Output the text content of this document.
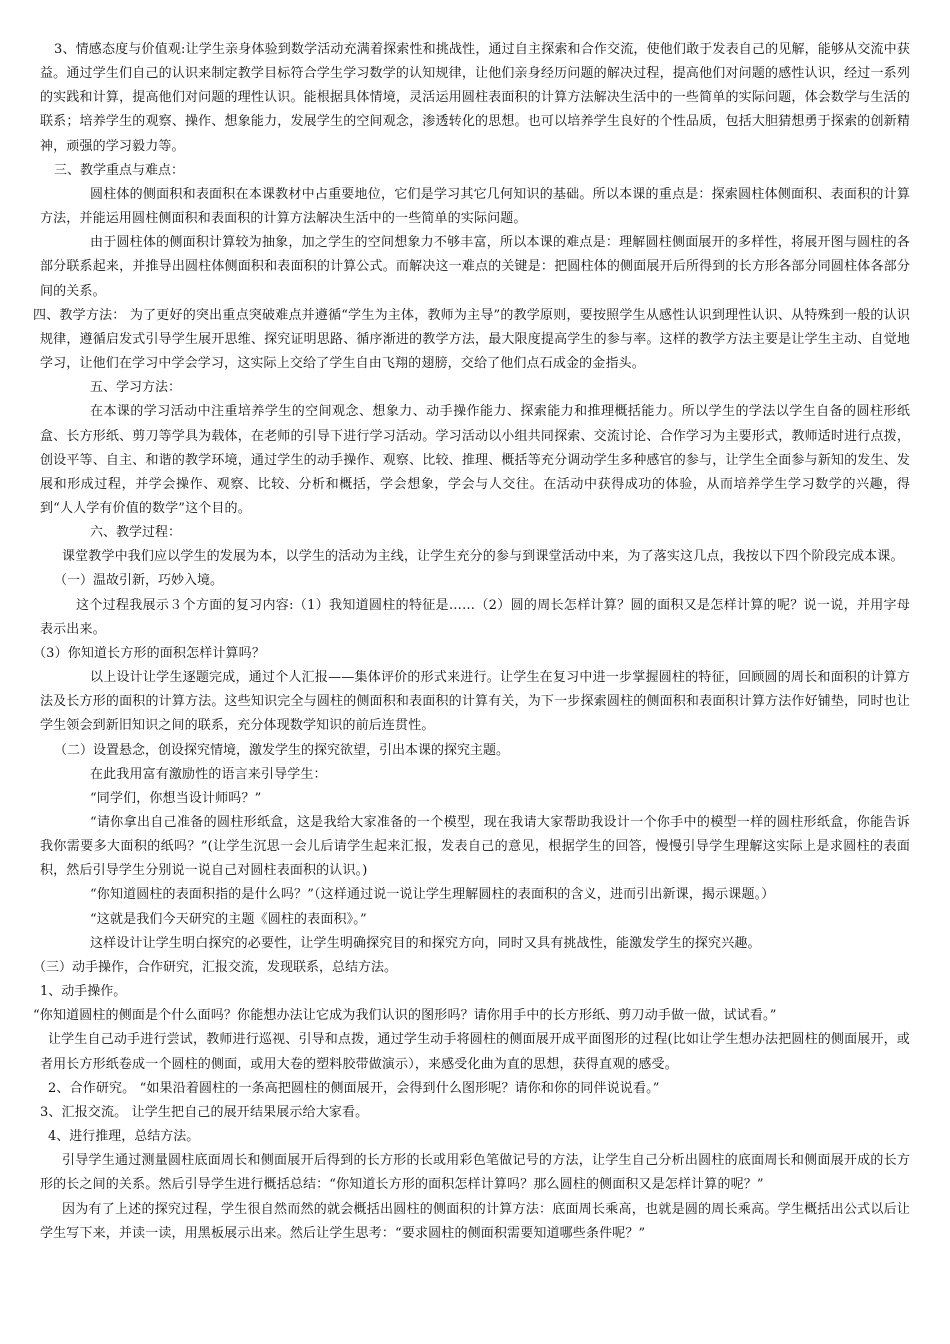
3、情感态度与价值观:让学生亲身体验到数学活动充满着探索性和挑战性，通过自主探索和合作交流，使他们敢于发表自己的见解，能够从交流中获益。通过学生们自己的认识来制定教学目标符合学生学习数学的认知规律，让他们亲身经历问题的解决过程，提高他们对问题的感性认识，经过一系列的实践和计算，提高他们对问题的理性认识。能根据具体情境，灵活运用圆柱表面积的计算方法解决生活中的一些简单的实际问题，体会数学与生活的联系；培养学生的观察、操作、想象能力，发展学生的空间观念，渗透转化的思想。也可以培养学生良好的个性品质，包括大胆猜想勇于探索的创新精神，顽强的学习毅力等。

三、教学重点与难点：

圆柱体的侧面积和表面积在本课教材中占重要地位，它们是学习其它几何知识的基础。所以本课的重点是：探索圆柱体侧面积、表面积的计算方法，并能运用圆柱侧面积和表面积的计算方法解决生活中的一些简单的实际问题。

由于圆柱体的侧面积计算较为抽象，加之学生的空间想象力不够丰富，所以本课的难点是：理解圆柱侧面展开的多样性，将展开图与圆柱的各部分联系起来，并推导出圆柱体侧面积和表面积的计算公式。而解决这一难点的关键是：把圆柱体的侧面展开后所得到的长方形各部分同圆柱体各部分间的关系。

四、教学方法： 为了更好的突出重点突破难点并遵循“学生为主体，教师为主导”的教学原则，要按照学生从感性认识到理性认识、从特殊到一般的认识规律，遵循启发式引导学生展开思维、探究证明思路、循序渐进的教学方法，最大限度提高学生的参与率。这样的教学方法主要是让学生主动、自觉地学习，让他们在学习中学会学习，这实际上交给了学生自由飞翔的翅膀，交给了他们点石成金的金指头。

五、学习方法：

在本课的学习活动中注重培养学生的空间观念、想象力、动手操作能力、探索能力和推理概括能力。所以学生的学法以学生自备的圆柱形纸盒、长方形纸、剪刀等学具为载体，在老师的引导下进行学习活动。学习活动以小组共同探索、交流讨论、合作学习为主要形式，教师适时进行点拨，创设平等、自主、和谐的教学环境，通过学生的动手操作、观察、比较、推理、概括等充分调动学生多种感官的参与，让学生全面参与新知的发生、发展和形成过程，并学会操作、观察、比较、分析和概括，学会想象，学会与人交往。在活动中获得成功的体验，从而培养学生学习数学的兴趣，得到“人人学有价值的数学”这个目的。

六、教学过程：

课堂教学中我们应以学生的发展为本，以学生的活动为主线，让学生充分的参与到课堂活动中来，为了落实这几点，我按以下四个阶段完成本课。

（一）温故引新，巧妙入境。

这个过程我展示３个方面的复习内容:（1）我知道圆柱的特征是……（2）圆的周长怎样计算？圆的面积又是怎样计算的呢？说一说，并用字母表示出来。

（3）你知道长方形的面积怎样计算吗？

以上设计让学生逐题完成，通过个人汇报——集体评价的形式来进行。让学生在复习中进一步掌握圆柱的特征，回顾圆的周长和面积的计算方法及长方形的面积的计算方法。这些知识完全与圆柱的侧面积和表面积的计算有关，为下一步探索圆柱的侧面积和表面积计算方法作好铺垫，同时也让学生领会到新旧知识之间的联系，充分体现数学知识的前后连贯性。

（二）设置悬念，创设探究情境，激发学生的探究欲望，引出本课的探究主题。

在此我用富有激励性的语言来引导学生：

“同学们，你想当设计师吗？”

“请你拿出自己准备的圆柱形纸盒，这是我给大家准备的一个模型，现在我请大家帮助我设计一个你手中的模型一样的圆柱形纸盒，你能告诉我你需要多大面积的纸吗？”(让学生沉思一会儿后请学生起来汇报，发表自己的意见，根据学生的回答，慢慢引导学生理解这实际上是求圆柱的表面积，然后引导学生分别说一说自己对圆柱表面积的认识。)

“你知道圆柱的表面积指的是什么吗？”（这样通过说一说让学生理解圆柱的表面积的含义，进而引出新课，揭示课题。）

“这就是我们今天研究的主题《圆柱的表面积》。”

这样设计让学生明白探究的必要性，让学生明确探究目的和探究方向，同时又具有挑战性，能激发学生的探究兴趣。

（三）动手操作，合作研究，汇报交流，发现联系，总结方法。

1、动手操作。

“你知道圆柱的侧面是个什么面吗？你能想办法让它成为我们认识的图形吗？请你用手中的长方形纸、剪刀动手做一做，试试看。”

让学生自己动手进行尝试，教师进行巡视、引导和点拨，通过学生动手将圆柱的侧面展开成平面图形的过程(比如让学生想办法把圆柱的侧面展开，或者用长方形纸卷成一个圆柱的侧面，或用大卷的塑料胶带做演示），来感受化曲为直的思想，获得直观的感受。

2、合作研究。 “如果沿着圆柱的一条高把圆柱的侧面展开，会得到什么图形呢？请你和你的同伴说说看。”

3、汇报交流。 让学生把自己的展开结果展示给大家看。

4、进行推理，总结方法。

引导学生通过测量圆柱底面周长和侧面展开后得到的长方形的长或用彩色笔做记号的方法，让学生自己分析出圆柱的底面周长和侧面展开成的长方形的长之间的关系。然后引导学生进行概括总结：“你知道长方形的面积怎样计算吗？那么圆柱的侧面积又是怎样计算的呢？”

因为有了上述的探究过程，学生很自然而然的就会概括出圆柱的侧面积的计算方法：底面周长乘高，也就是圆的周长乘高。学生概括出公式以后让学生写下来，并读一读，用黑板展示出来。然后让学生思考：“要求圆柱的侧面积需要知道哪些条件呢？”
